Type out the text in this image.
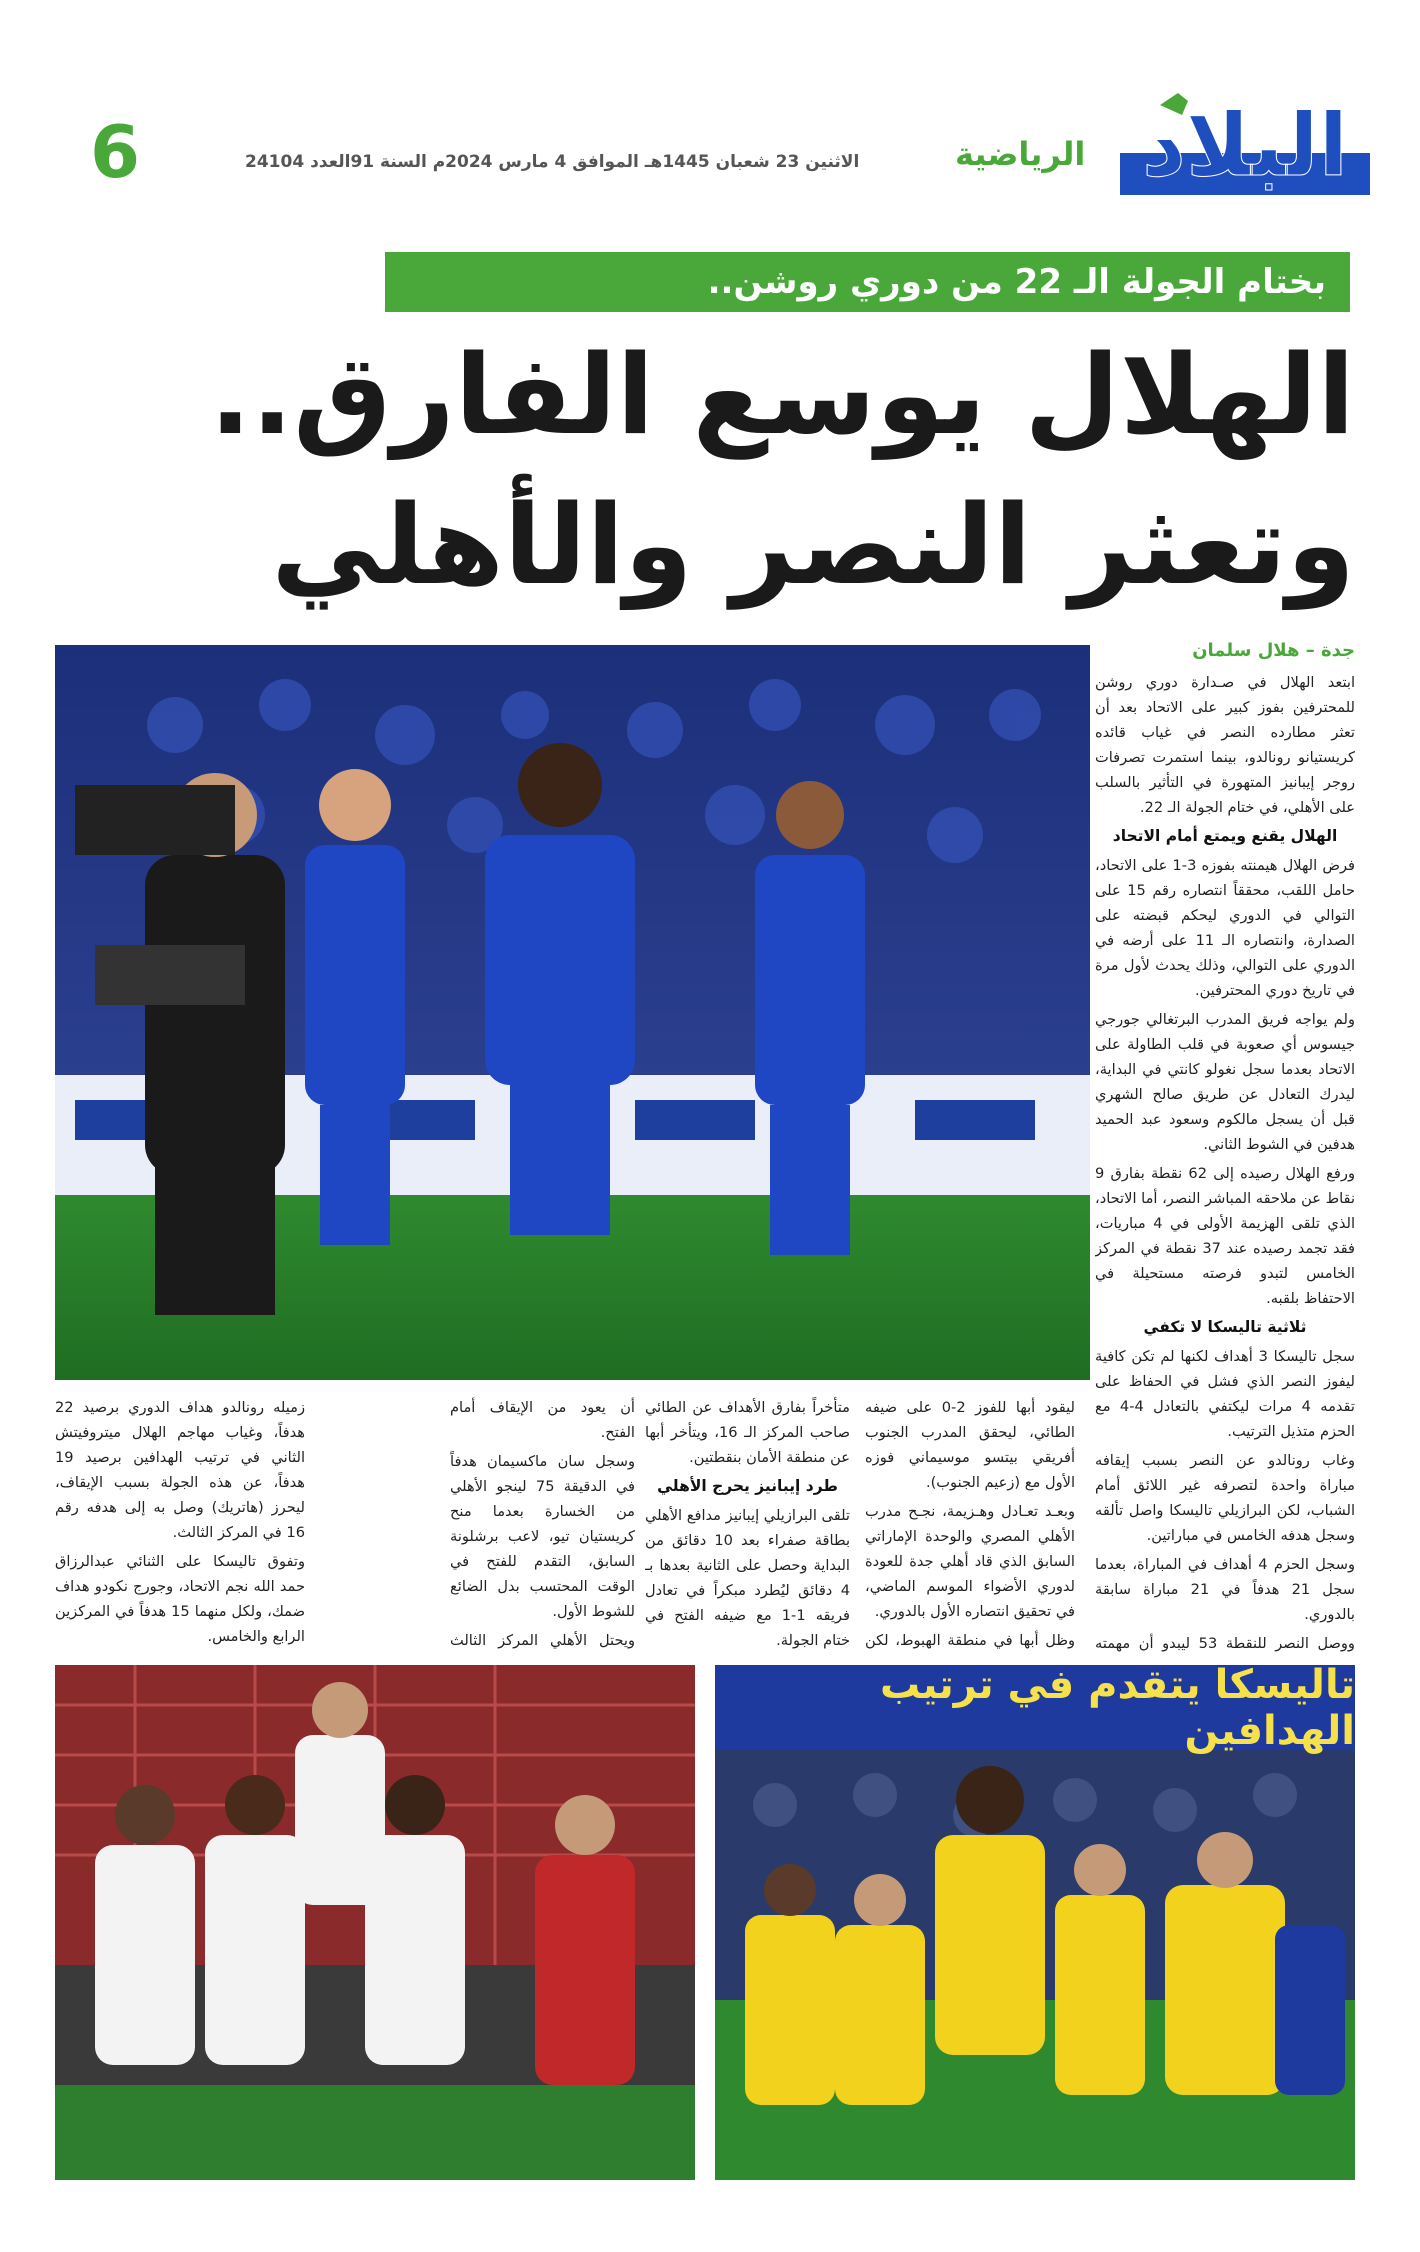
6	الاثنين 23 شعبان 1445هـ الموافق 4 مارس 2024م السنة 91العدد 24104	الرياضية البلاد
بختام الجولة الـ 22 من دوري روشن..
الهلال يوسع الفارق..
وتعثر النصر والأهلي
جدة – هلال سلمان

ابتعد الهلال في صـدارة دوري روشن للمحترفين بفوز كبير على الاتحاد بعد أن تعثر مطارده النصر في غياب قائده كريستيانو رونالدو، بينما استمرت تصرفات روجر إيبانيز المتهورة في التأثير بالسلب على الأهلي، في ختام الجولة الـ 22.

الهلال يقنع ويمتع أمام الاتحاد

فرض الهلال هيمنته بفوزه 3-1 على الاتحاد، حامل اللقب، محققاً انتصاره رقم 15 على التوالي في الدوري ليحكم قبضته على الصدارة، وانتصاره الـ 11 على أرضه في الدوري على التوالي، وذلك يحدث لأول مرة في تاريخ دوري المحترفين.

ولم يواجه فريق المدرب البرتغالي جورجي جيسوس أي صعوبة في قلب الطاولة على الاتحاد بعدما سجل نغولو كانتي في البداية، ليدرك التعادل عن طريق صالح الشهري قبل أن يسجل مالكوم وسعود عبد الحميد هدفين في الشوط الثاني.

ورفع الهلال رصيده إلى 62 نقطة بفارق 9 نقاط عن ملاحقه المباشر النصر، أما الاتحاد، الذي تلقى الهزيمة الأولى في 4 مباريات، فقد تجمد رصيده عند 37 نقطة في المركز الخامس لتبدو فرصته مستحيلة في الاحتفاظ بلقبه.

ثلاثية تاليسكا لا تكفي

سجل تاليسكا 3 أهداف لكنها لم تكن كافية ليفوز النصر الذي فشل في الحفاظ على تقدمه 4 مرات ليكتفي بالتعادل 4-4 مع الحزم متذيل الترتيب.

وغاب رونالدو عن النصر بسبب إيقافه مباراة واحدة لتصرفه غير اللائق أمام الشباب، لكن البرازيلي تاليسكا واصل تألقه وسجل هدفه الخامس في مباراتين.

وسجل الحزم 4 أهداف في المباراة، بعدما سجل 21 هدفاً في 21 مباراة سابقة بالدوري.

ووصل النصر للنقطة 53 ليبدو أن مهمته

ليقود أبها للفوز 2-0 على ضيفه الطائي، ليحقق المدرب الجنوب أفريقي بيتسو موسيماني فوزه الأول مع (زعيم الجنوب).

وبعـد تعـادل وهـزيمة، نجـح مدرب الأهلي المصري والوحدة الإماراتي السابق الذي قاد أهلي جدة للعودة لدوري الأضواء الموسم الماضي، في تحقيق انتصاره الأول بالدوري.

وظل أبها في منطقة الهبوط، لكن

متأخراً بفارق الأهداف عن الطائي صاحب المركز الـ 16، ويتأخر أبها عن منطقة الأمان بنقطتين.

طرد إيبانيز يحرج الأهلي

تلقى البرازيلي إيبانيز مدافع الأهلي بطاقة صفراء بعد 10 دقائق من البداية وحصل على الثانية بعدها بـ 4 دقائق ليُطرد مبكراً في تعادل فريقه 1-1 مع ضيفه الفتح في ختام الجولة.

أن يعود من الإيقاف أمام الفتح.

وسجل سان ماكسيمان هدفاً في الدقيقة 75 لينجو الأهلي من الخسارة بعدما منح كريستيان تيو، لاعب برشلونة السابق، التقدم للفتح في الوقت المحتسب بدل الضائع للشوط الأول.

ويحتل الأهلي المركز الثالث

زميله رونالدو هداف الدوري برصيد 22 هدفاً، وغياب مهاجم الهلال ميتروفيتش الثاني في ترتيب الهدافين برصيد 19 هدفاً، عن هذه الجولة بسبب الإيقاف، ليحرز (هاتريك) وصل به إلى هدفه رقم 16 في المركز الثالث.

وتفوق تاليسكا على الثنائي عبدالرزاق حمد الله نجم الاتحاد، وجورج نكودو هداف ضمك، ولكل منهما 15 هدفاً في المركزين الرابع والخامس.

تاليسكا يتقدم في ترتيب الهدافين
